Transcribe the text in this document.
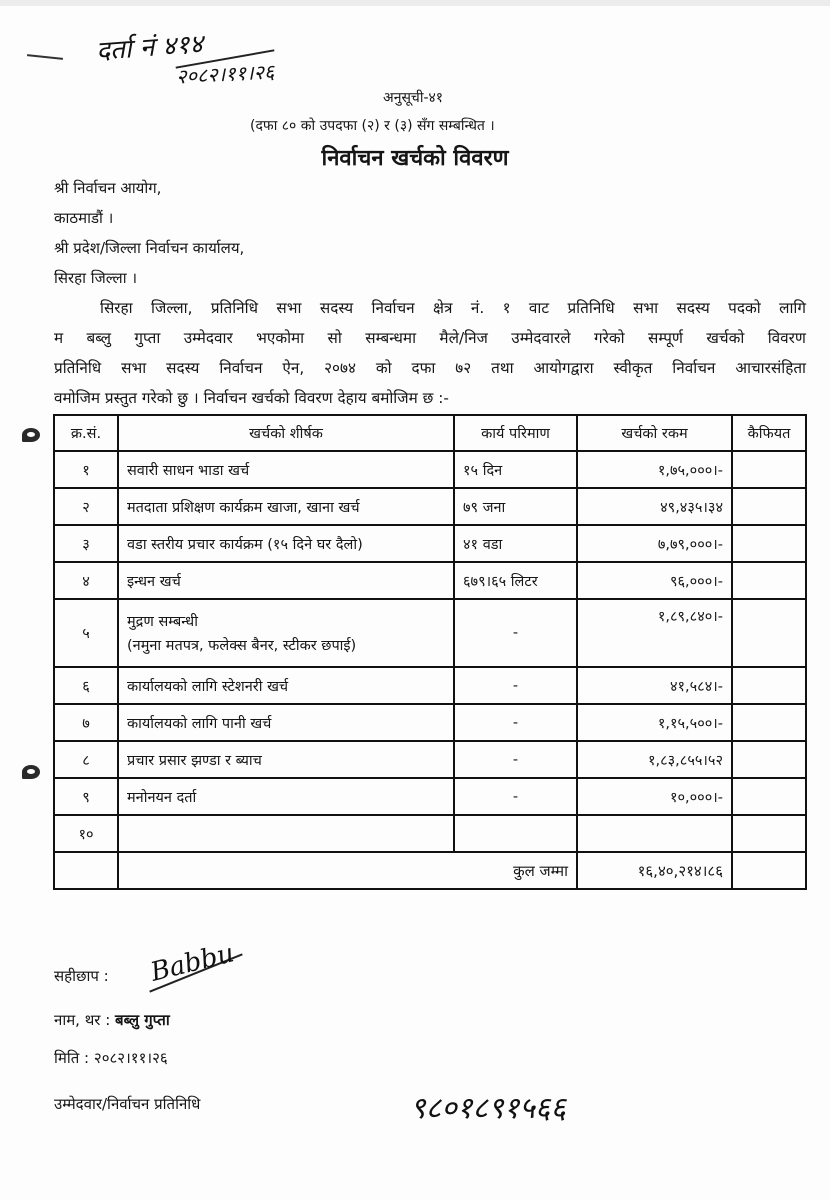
दर्ता नं ४१४
२०८२।११।२६
अनुसूची-४१
(दफा ८० को उपदफा (२) र (३) सँग सम्बन्धित ।
निर्वाचन खर्चको विवरण
श्री निर्वाचन आयोग,
काठमाडौं ।
श्री प्रदेश/जिल्ला निर्वाचन कार्यालय,
सिरहा जिल्ला ।
सिरहा जिल्ला, प्रतिनिधि सभा सदस्य निर्वाचन क्षेत्र नं. १ वाट प्रतिनिधि सभा सदस्य पदको लागि
म बब्लु गुप्ता उम्मेदवार भएकोमा सो सम्बन्धमा मैले/निज उम्मेदवारले गरेको सम्पूर्ण खर्चको विवरण
प्रतिनिधि सभा सदस्य निर्वाचन ऐन, २०७४ को दफा ७२ तथा आयोगद्वारा स्वीकृत निर्वाचन आचारसंहिता
वमोजिम प्रस्तुत गरेको छु । निर्वाचन खर्चको विवरण देहाय बमोजिम छ :-
क्र.सं.	खर्चको शीर्षक	कार्य परिमाण	खर्चको रकम	कैफियत
१	सवारी साधन भाडा खर्च	१५ दिन	१,७५,०००।-	
२	मतदाता प्रशिक्षण कार्यक्रम खाजा, खाना खर्च	७९ जना	४९,४३५।३४	
३	वडा स्तरीय प्रचार कार्यक्रम (१५ दिने घर दैलो)	४१ वडा	७,७९,०००।-	
४	इन्धन खर्च	६७९।६५ लिटर	९६,०००।-	
५	मुद्रण सम्बन्धी
(नमुना मतपत्र, फलेक्स बैनर, स्टीकर छपाई)	-	१,८९,८४०।-	
६	कार्यालयको लागि स्टेशनरी खर्च	-	४१,५८४।-	
७	कार्यालयको लागि पानी खर्च	-	१,१५,५००।-	
८	प्रचार प्रसार झण्डा र ब्याच	-	१,८३,८५५।५२	
९	मनोनयन दर्ता	-	१०,०००।-	
१०				
	कुल जम्मा		१६,४०,२१४।८६	
सहीछाप : Babbu
नाम, थर : बब्लु गुप्ता
मिति : २०८२।११।२६
उम्मेदवार/निर्वाचन प्रतिनिधि	९८०१८९१५६६
